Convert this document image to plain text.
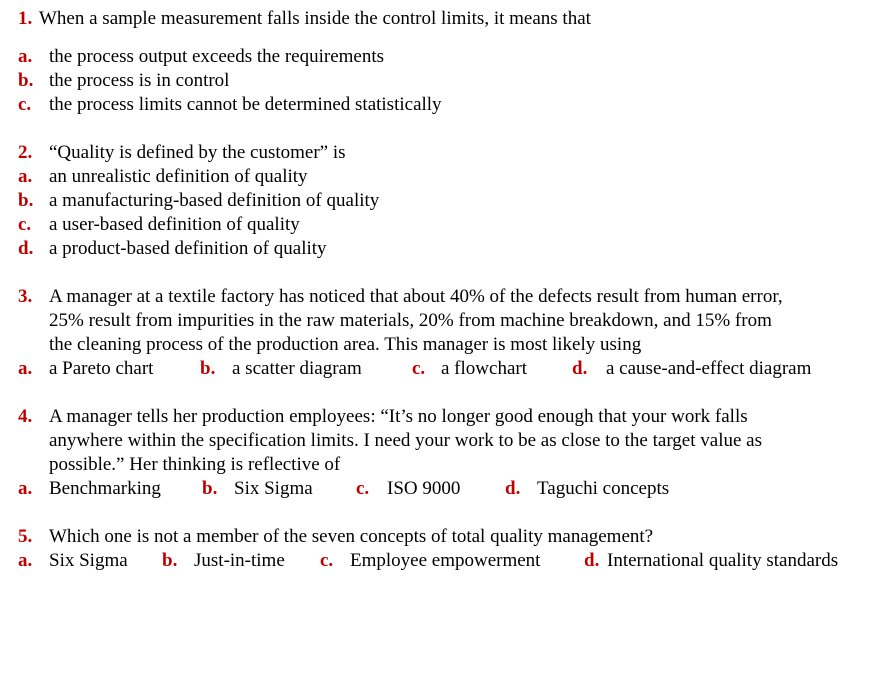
1. When a sample measurement falls inside the control limits, it means that
a. the process output exceeds the requirements
b. the process is in control
c. the process limits cannot be determined statistically
2. “Quality is defined by the customer” is
a. an unrealistic definition of quality
b. a manufacturing-based definition of quality
c. a user-based definition of quality
d. a product-based definition of quality
3. A manager at a textile factory has noticed that about 40% of the defects result from human error,
25% result from impurities in the raw materials, 20% from machine breakdown, and 15% from
the cleaning process of the production area. This manager is most likely using
a. a Pareto chart b. a scatter diagram	c. a flowchart d. a cause-and-effect diagram
4. A manager tells her production employees: “It’s no longer good enough that your work falls
anywhere within the specification limits. I need your work to be as close to the target value as
possible.” Her thinking is reflective of
a. Benchmarking b. Six Sigma c. ISO 9000 d. Taguchi concepts
5. Which one is not a member of the seven concepts of total quality management?
a. Six Sigma b. Just-in-time c. Employee empowerment d. International quality standards
